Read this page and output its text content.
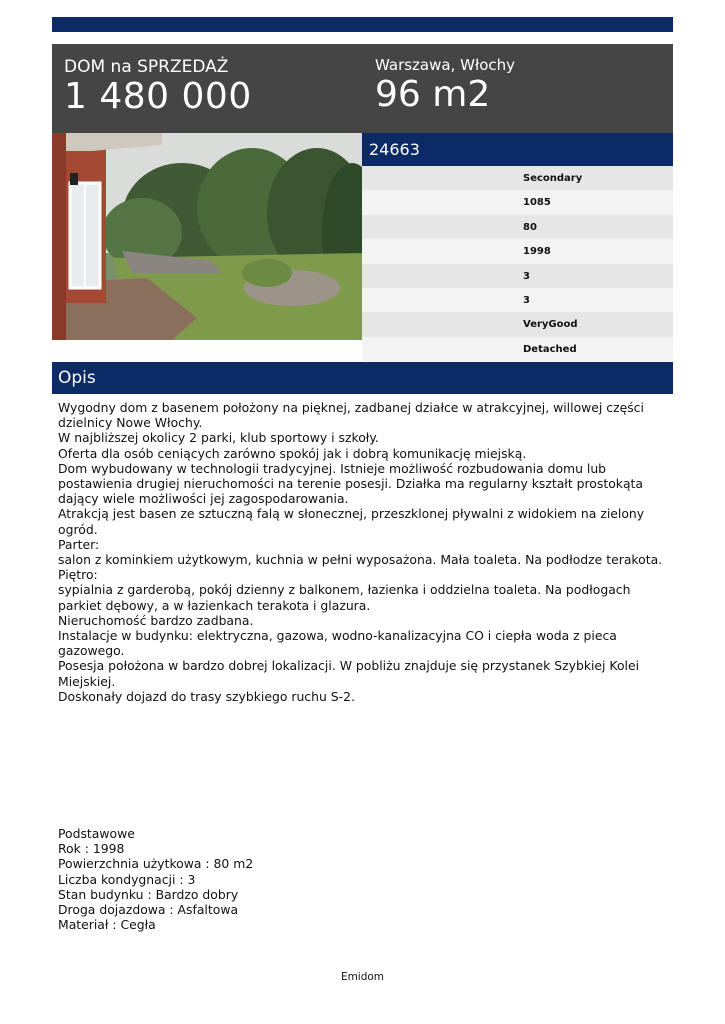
DOM na SPRZEDAŻ
1 480 000
Warszawa, Włochy
96 m2
24663
Secondary
1085
80
1998
3
3
VeryGood
Detached
Opis
Wygodny dom z basenem położony na pięknej, zadbanej działce w atrakcyjnej, willowej części dzielnicy Nowe Włochy.
W najbliższej okolicy 2 parki, klub sportowy i szkoły.
Oferta dla osób ceniących zarówno spokój jak i dobrą komunikację miejską.
Dom wybudowany w technologii tradycyjnej. Istnieje możliwość rozbudowania domu lub postawienia drugiej nieruchomości na terenie posesji. Działka ma regularny kształt prostokąta dający wiele możliwości jej zagospodarowania.
Atrakcją jest basen ze sztuczną falą w słonecznej, przeszklonej pływalni z widokiem na zielony ogród.
Parter:
salon z kominkiem użytkowym, kuchnia w pełni wyposażona. Mała toaleta. Na podłodze terakota.
Piętro:
sypialnia z garderobą, pokój dzienny z balkonem, łazienka i oddzielna toaleta. Na podłogach parkiet dębowy, a w łazienkach terakota i glazura.
Nieruchomość bardzo zadbana.
Instalacje w budynku: elektryczna, gazowa, wodno-kanalizacyjna CO i ciepła woda z pieca gazowego.
Posesja położona w bardzo dobrej lokalizacji. W pobliżu znajduje się przystanek Szybkiej Kolei Miejskiej.
Doskonały dojazd do trasy szybkiego ruchu S-2.
Podstawowe
Rok : 1998
Powierzchnia użytkowa : 80 m2
Liczba kondygnacji : 3
Stan budynku : Bardzo dobry
Droga dojazdowa : Asfaltowa
Materiał : Cegła
Emidom
